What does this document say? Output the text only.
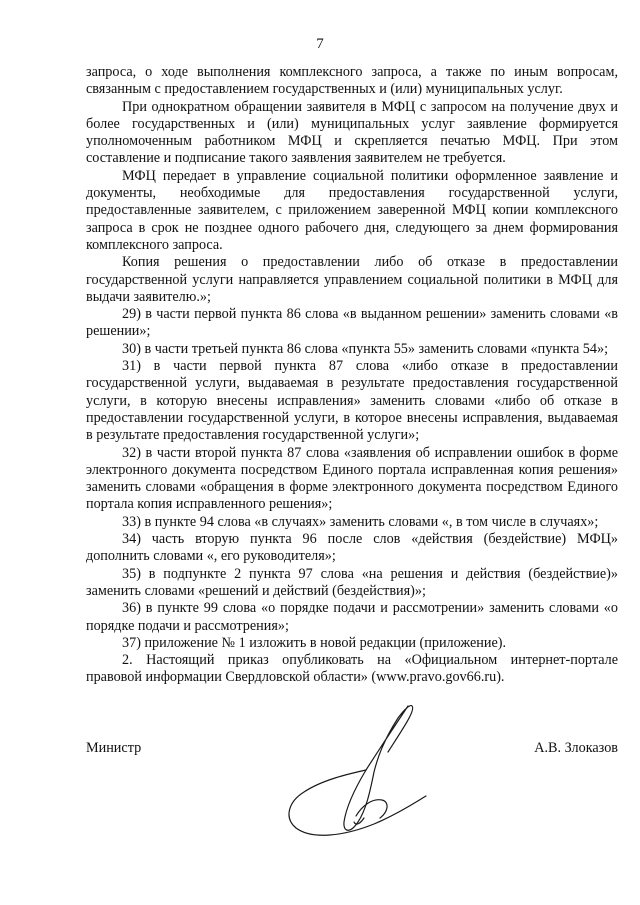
7

запроса, о ходе выполнения комплексного запроса, а также по иным вопросам, связанным с предоставлением государственных и (или) муниципальных услуг.

При однократном обращении заявителя в МФЦ с запросом на получение двух и более государственных и (или) муниципальных услуг заявление формируется уполномоченным работником МФЦ и скрепляется печатью МФЦ. При этом составление и подписание такого заявления заявителем не требуется.

МФЦ передает в управление социальной политики оформленное заявление и документы, необходимые для предоставления государственной услуги, предоставленные заявителем, с приложением заверенной МФЦ копии комплексного запроса в срок не позднее одного рабочего дня, следующего за днем формирования комплексного запроса.

Копия решения о предоставлении либо об отказе в предоставлении государственной услуги направляется управлением социальной политики в МФЦ для выдачи заявителю.»;

29) в части первой пункта 86 слова «в выданном решении» заменить словами «в решении»;

30) в части третьей пункта 86 слова «пункта 55» заменить словами «пункта 54»;

31) в части первой пункта 87 слова «либо отказе в предоставлении государственной услуги, выдаваемая в результате предоставления государственной услуги, в которую внесены исправления» заменить словами «либо об отказе в предоставлении государственной услуги, в которое внесены исправления, выдаваемая в результате предоставления государственной услуги»;

32) в части второй пункта 87 слова «заявления об исправлении ошибок в форме электронного документа посредством Единого портала исправленная копия решения» заменить словами «обращения в форме электронного документа посредством Единого портала копия исправленного решения»;

33) в пункте 94 слова «в случаях» заменить словами «, в том числе в случаях»;

34) часть вторую пункта 96 после слов «действия (бездействие) МФЦ» дополнить словами «, его руководителя»;

35) в подпункте 2 пункта 97 слова «на решения и действия (бездействие)» заменить словами «решений и действий (бездействия)»;

36) в пункте 99 слова «о порядке подачи и рассмотрении» заменить словами «о порядке подачи и рассмотрения»;

37) приложение № 1 изложить в новой редакции (приложение).

2. Настоящий приказ опубликовать на «Официальном интернет-портале правовой информации Свердловской области» (www.pravo.gov66.ru).

Министр	А.В. Злоказов
